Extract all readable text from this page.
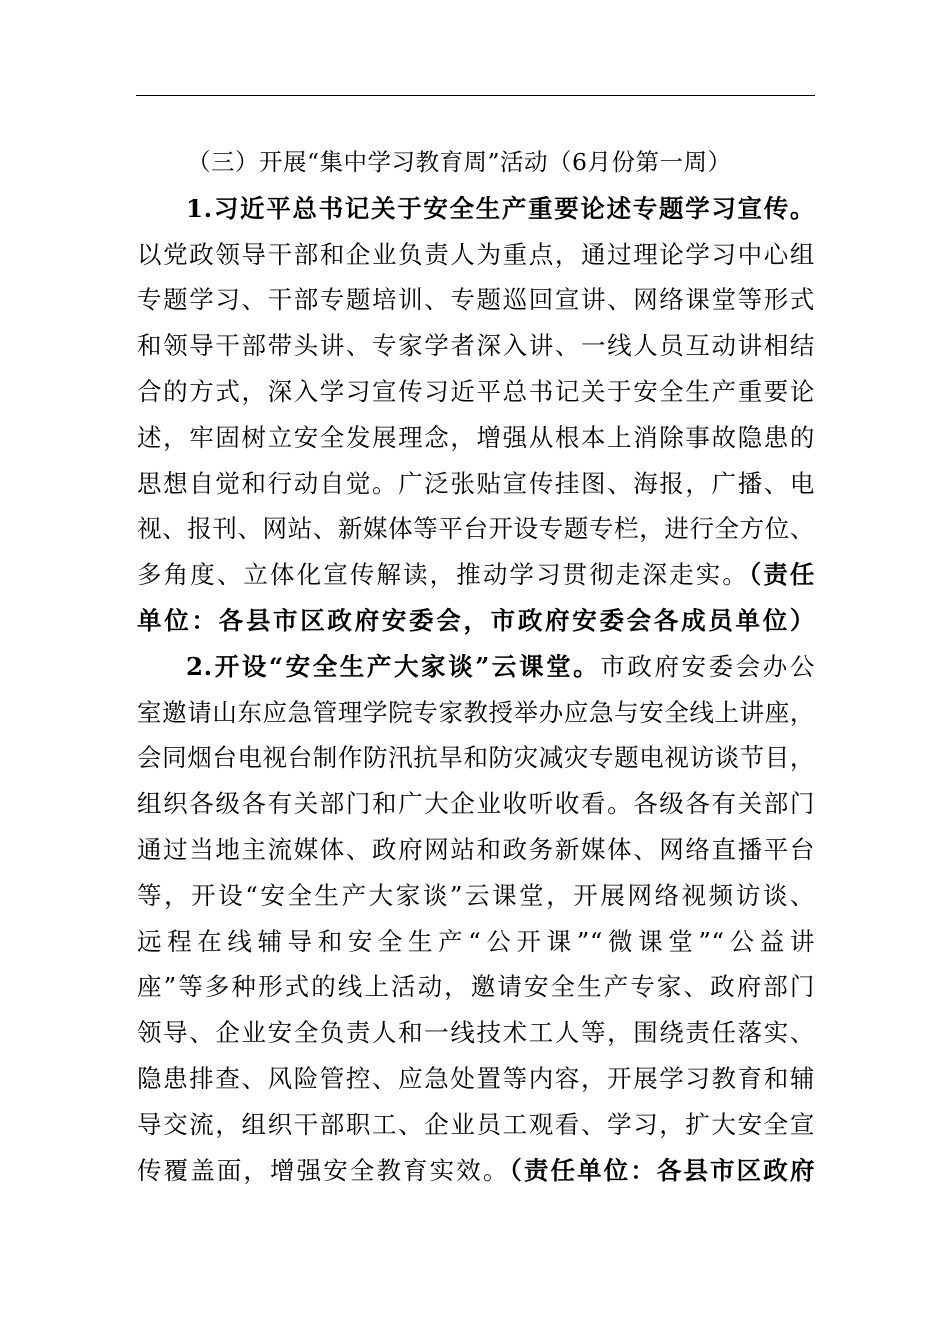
（三）开展“集中学习教育周”活动（6月份第一周）
1.习近平总书记关于安全生产重要论述专题学习宣传。
以党政领导干部和企业负责人为重点，通过理论学习中心组
专题学习、干部专题培训、专题巡回宣讲、网络课堂等形式
和领导干部带头讲、专家学者深入讲、一线人员互动讲相结
合的方式，深入学习宣传习近平总书记关于安全生产重要论
述，牢固树立安全发展理念，增强从根本上消除事故隐患的
思想自觉和行动自觉。广泛张贴宣传挂图、海报，广播、电
视、报刊、网站、新媒体等平台开设专题专栏，进行全方位、
多角度、立体化宣传解读，推动学习贯彻走深走实。（责任
单位：各县市区政府安委会，市政府安委会各成员单位）
2.开设“安全生产大家谈”云课堂。市政府安委会办公
室邀请山东应急管理学院专家教授举办应急与安全线上讲座，
会同烟台电视台制作防汛抗旱和防灾减灾专题电视访谈节目，
组织各级各有关部门和广大企业收听收看。各级各有关部门
通过当地主流媒体、政府网站和政务新媒体、网络直播平台
等，开设“安全生产大家谈”云课堂，开展网络视频访谈、
远程在线辅导和安全生产“公开课”“微课堂”“公益讲
座”等多种形式的线上活动，邀请安全生产专家、政府部门
领导、企业安全负责人和一线技术工人等，围绕责任落实、
隐患排查、风险管控、应急处置等内容，开展学习教育和辅
导交流，组织干部职工、企业员工观看、学习，扩大安全宣
传覆盖面，增强安全教育实效。（责任单位：各县市区政府
